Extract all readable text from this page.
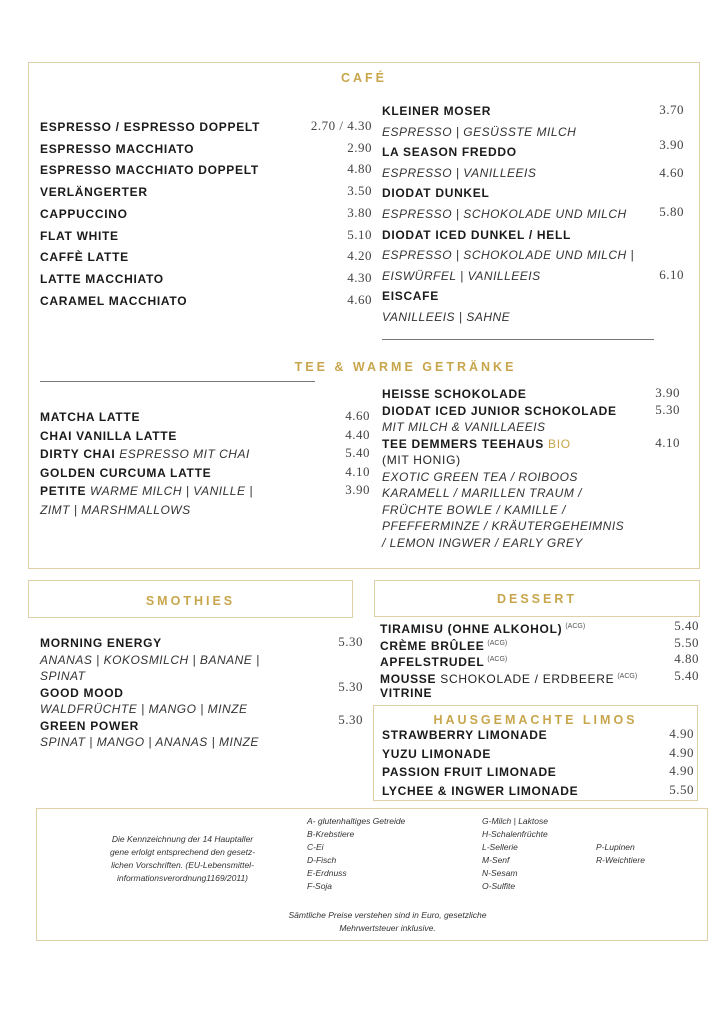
CAFÉ
TEE & WARME GETRÄNKE
SMOTHIES	DESSERT
HAUSGEMACHTE LIMOS
ESPRESSO / ESPRESSO DOPPELT	2.70 / 4.30
ESPRESSO MACCHIATO	2.90
ESPRESSO MACCHIATO DOPPELT	4.80
VERLÄNGERTER	3.50
CAPPUCCINO	3.80
FLAT WHITE	5.10
CAFFÈ LATTE	4.20
LATTE MACCHIATO	4.30
CARAMEL MACCHIATO	4.60
KLEINER MOSER	3.70
ESPRESSO | GESÜSSTE MILCH
LA SEASON FREDDO	3.90
ESPRESSO | VANILLEEIS	4.60
DIODAT DUNKEL
ESPRESSO | SCHOKOLADE UND MILCH	5.80
DIODAT ICED DUNKEL / HELL
ESPRESSO | SCHOKOLADE UND MILCH |
EISWÜRFEL | VANILLEEIS	6.10
EISCAFE
VANILLEEIS | SAHNE
MATCHA LATTE	4.60
CHAI VANILLA LATTE	4.40
DIRTY CHAI ESPRESSO MIT CHAI	5.40
GOLDEN CURCUMA LATTE	4.10
PETITE WARME MILCH | VANILLE |	3.90
ZIMT | MARSHMALLOWS
HEISSE SCHOKOLADE	3.90
DIODAT ICED JUNIOR SCHOKOLADE	5.30
MIT MILCH & VANILLAEEIS
TEE DEMMERS TEEHAUS BIO	4.10
(MIT HONIG)
EXOTIC GREEN TEA / ROIBOOS
KARAMELL / MARILLEN TRAUM /
FRÜCHTE BOWLE / KAMILLE /
PFEFFERMINZE / KRÄUTERGEHEIMNIS
/ LEMON INGWER / EARLY GREY
MORNING ENERGY	5.30
ANANAS | KOKOSMILCH | BANANE |
SPINAT
GOOD MOOD	5.30
WALDFRÜCHTE | MANGO | MINZE
GREEN POWER	5.30
SPINAT | MANGO | ANANAS | MINZE
TIRAMISU (OHNE ALKOHOL) $^{(ACG)}$	5.40
CRÈME BRÛLEE $^{(ACG)}$	5.50
APFELSTRUDEL $^{(ACG)}$	4.80
MOUSSE SCHOKOLADE / ERDBEERE $^{(ACG)}$	5.40
VITRINE
STRAWBERRY LIMONADE	4.90
YUZU LIMONADE	4.90
PASSION FRUIT LIMONADE	4.90
LYCHEE & INGWER LIMONADE	5.50
Die Kennzeichnung der 14 Hauptaller
gene erlolgt entsprechend den gesetz-
lichen Vorschriften. (EU-Lebensmittel-
informationsverordnung1169/2011)
A- glutenhaltiges Getreide
B-Krebstiere
C-Ei
D-Fisch
E-Erdnuss
F-Soja
G-Milch | Laktose
H-Schalenfrüchte
L-Sellerie
M-Senf
N-Sesam
O-Sulfite
P-Lupinen
R-Weichtiere
Sämtliche Preise verstehen sind in Euro, gesetzliche
Mehrwertsteuer inklusive.
